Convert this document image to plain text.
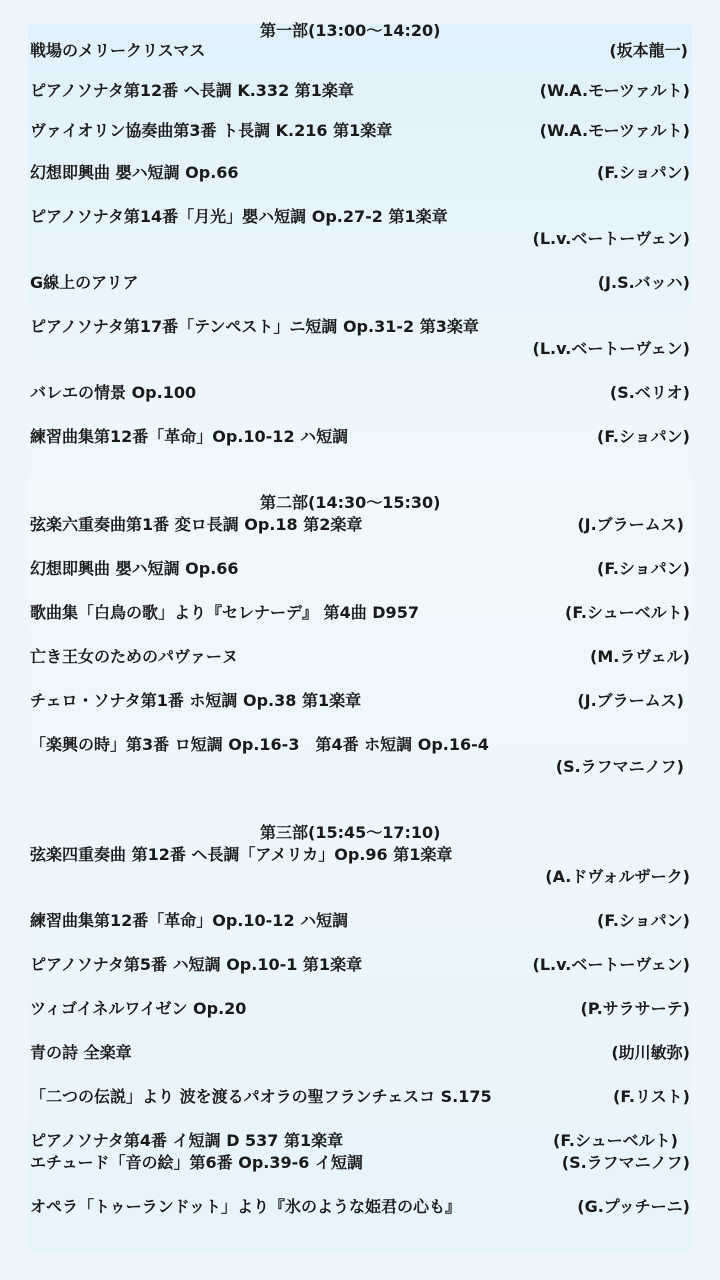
第一部(13:00〜14:20)
戦場のメリークリスマス	(坂本龍一)
ピアノソナタ第12番 ヘ長調 K.332 第1楽章	(W.A.モーツァルト)
ヴァイオリン協奏曲第3番 ト長調 K.216 第1楽章	(W.A.モーツァルト)
幻想即興曲 嬰ハ短調 Op.66	(F.ショパン)
ピアノソナタ第14番「月光」嬰ハ短調 Op.27-2 第1楽章
(L.v.ベートーヴェン)
G線上のアリア	(J.S.バッハ)
ピアノソナタ第17番「テンペスト」ニ短調 Op.31-2 第3楽章
(L.v.ベートーヴェン)
バレエの情景 Op.100	(S.ベリオ)
練習曲集第12番「革命」Op.10-12 ハ短調	(F.ショパン)
第二部(14:30〜15:30)
弦楽六重奏曲第1番 変ロ長調 Op.18 第2楽章	(J.ブラームス)
幻想即興曲 嬰ハ短調 Op.66	(F.ショパン)
歌曲集「白鳥の歌」より『セレナーデ』 第4曲 D957	(F.シューベルト)
亡き王女のためのパヴァーヌ	(M.ラヴェル)
チェロ・ソナタ第1番 ホ短調 Op.38 第1楽章	(J.ブラームス)
「楽興の時」第3番 ロ短調 Op.16-3　第4番 ホ短調 Op.16-4
(S.ラフマニノフ)
第三部(15:45〜17:10)
弦楽四重奏曲 第12番 ヘ長調「アメリカ」Op.96 第1楽章
(A.ドヴォルザーク)
練習曲集第12番「革命」Op.10-12 ハ短調	(F.ショパン)
ピアノソナタ第5番 ハ短調 Op.10-1 第1楽章	(L.v.ベートーヴェン)
ツィゴイネルワイゼン Op.20	(P.サラサーテ)
青の詩 全楽章	(助川敏弥)
「二つの伝説」より 波を渡るパオラの聖フランチェスコ S.175	(F.リスト)
ピアノソナタ第4番 イ短調 D 537 第1楽章	(F.シューベルト)
エチュード「音の絵」第6番 Op.39-6 イ短調	(S.ラフマニノフ)
オペラ「トゥーランドット」より『氷のような姫君の心も』	(G.プッチーニ)
